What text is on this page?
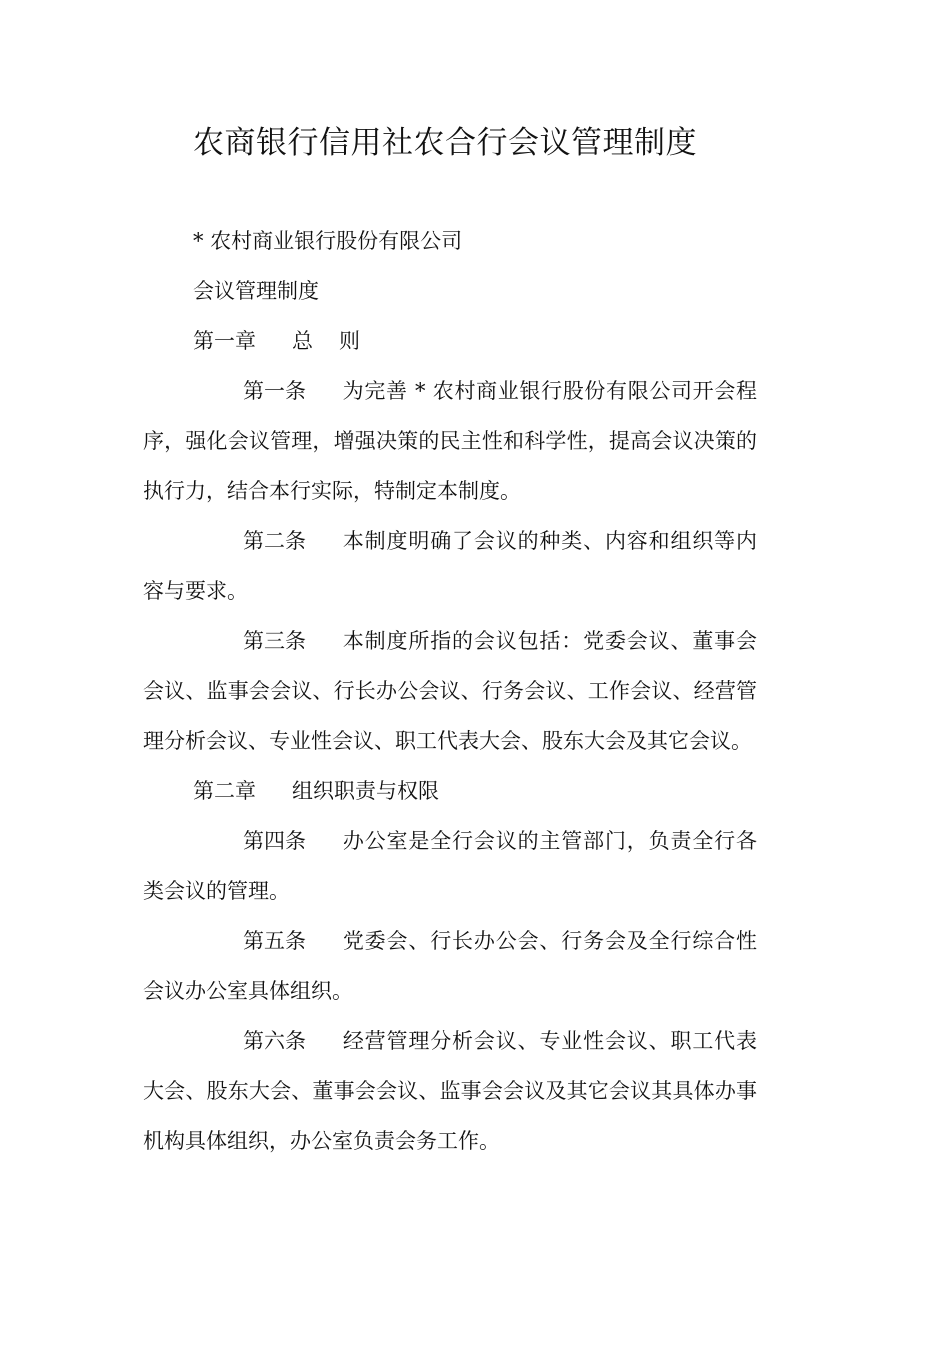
农商银行信用社农合行会议管理制度

* 农村商业银行股份有限公司

会议管理制度

第一章 总 则

第一条 为完善 * 农村商业银行股份有限公司开会程序，强化会议管理，增强决策的民主性和科学性，提高会议决策的执行力，结合本行实际，特制定本制度。

第二条 本制度明确了会议的种类、内容和组织等内容与要求。

第三条 本制度所指的会议包括：党委会议、董事会会议、监事会会议、行长办公会议、行务会议、工作会议、经营管理分析会议、专业性会议、职工代表大会、股东大会及其它会议。

第二章 组织职责与权限

第四条 办公室是全行会议的主管部门，负责全行各类会议的管理。

第五条 党委会、行长办公会、行务会及全行综合性会议办公室具体组织。

第六条 经营管理分析会议、专业性会议、职工代表大会、股东大会、董事会会议、监事会会议及其它会议其具体办事机构具体组织，办公室负责会务工作。
